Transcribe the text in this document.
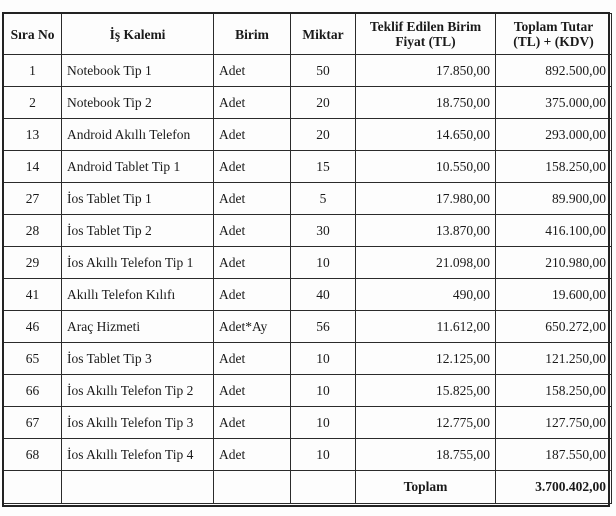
Sıra No	İş Kalemi	Birim	Miktar	Teklif Edilen Birim Fiyat (TL)	Toplam Tutar (TL) + (KDV)
1	Notebook Tip 1	Adet	50	17.850,00	892.500,00
2	Notebook Tip 2	Adet	20	18.750,00	375.000,00
13	Android Akıllı Telefon	Adet	20	14.650,00	293.000,00
14	Android Tablet Tip 1	Adet	15	10.550,00	158.250,00
27	İos Tablet Tip 1	Adet	5	17.980,00	89.900,00
28	İos Tablet Tip 2	Adet	30	13.870,00	416.100,00
29	İos Akıllı Telefon Tip 1	Adet	10	21.098,00	210.980,00
41	Akıllı Telefon Kılıfı	Adet	40	490,00	19.600,00
46	Araç Hizmeti	Adet*Ay	56	11.612,00	650.272,00
65	İos Tablet Tip 3	Adet	10	12.125,00	121.250,00
66	İos Akıllı Telefon Tip 2	Adet	10	15.825,00	158.250,00
67	İos Akıllı Telefon Tip 3	Adet	10	12.775,00	127.750,00
68	İos Akıllı Telefon Tip 4	Adet	10	18.755,00	187.550,00
				Toplam	3.700.402,00
